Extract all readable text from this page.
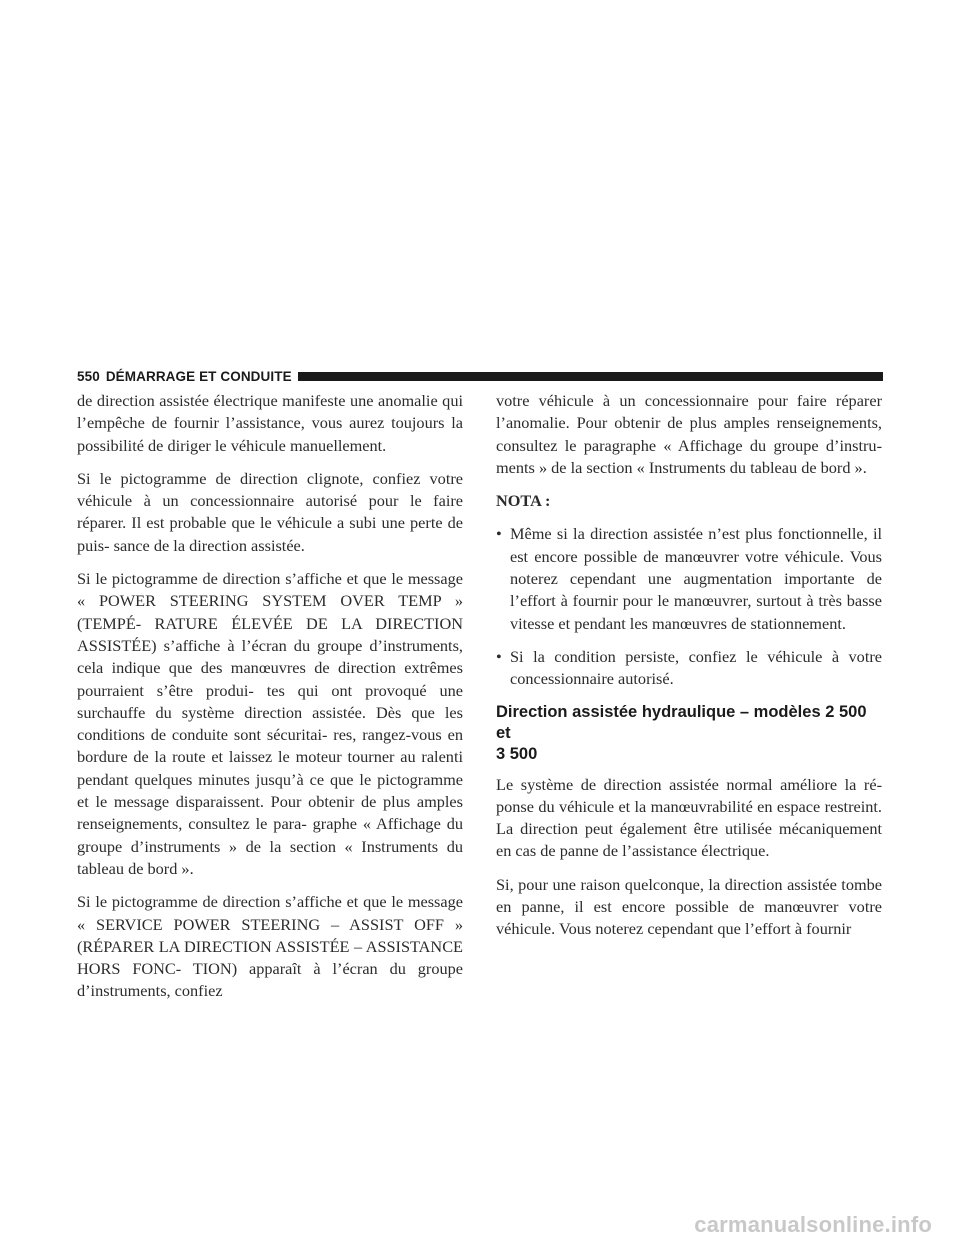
550 DÉMARRAGE ET CONDUITE

de direction assistée électrique manifeste une anomalie qui l’empêche de fournir l’assistance, vous aurez toujours la possibilité de diriger le véhicule manuellement.

Si le pictogramme de direction clignote, confiez votre véhicule à un concessionnaire autorisé pour le faire réparer. Il est probable que le véhicule a subi une perte de puis- sance de la direction assistée.

Si le pictogramme de direction s’affiche et que le message « POWER STEERING SYSTEM OVER TEMP » (TEMPÉ- RATURE ÉLEVÉE DE LA DIRECTION ASSISTÉE) s’affiche à l’écran du groupe d’instruments, cela indique que des manœuvres de direction extrêmes pourraient s’être produi- tes qui ont provoqué une surchauffe du système direction assistée. Dès que les conditions de conduite sont sécuritai- res, rangez-vous en bordure de la route et laissez le moteur tourner au ralenti pendant quelques minutes jusqu’à ce que le pictogramme et le message disparaissent. Pour obtenir de plus amples renseignements, consultez le para- graphe « Affichage du groupe d’instruments » de la section « Instruments du tableau de bord ».

Si le pictogramme de direction s’affiche et que le message « SERVICE POWER STEERING – ASSIST OFF » (RÉPARER LA DIRECTION ASSISTÉE – ASSISTANCE HORS FONC- TION) apparaît à l’écran du groupe d’instruments, confiez

votre véhicule à un concessionnaire pour faire réparer l’anomalie. Pour obtenir de plus amples renseignements, consultez le paragraphe « Affichage du groupe d’instru- ments » de la section « Instruments du tableau de bord ».

NOTA :
• Même si la direction assistée n’est plus fonctionnelle, il est encore possible de manœuvrer votre véhicule. Vous noterez cependant une augmentation importante de l’effort à fournir pour le manœuvrer, surtout à très basse vitesse et pendant les manœuvres de stationnement.
• Si la condition persiste, confiez le véhicule à votre concessionnaire autorisé.
Direction assistée hydraulique – modèles 2 500 et
3 500

Le système de direction assistée normal améliore la ré- ponse du véhicule et la manœuvrabilité en espace restreint. La direction peut également être utilisée mécaniquement en cas de panne de l’assistance électrique.

Si, pour une raison quelconque, la direction assistée tombe en panne, il est encore possible de manœuvrer votre véhicule. Vous noterez cependant que l’effort à fournir

carmanualsonline.info
